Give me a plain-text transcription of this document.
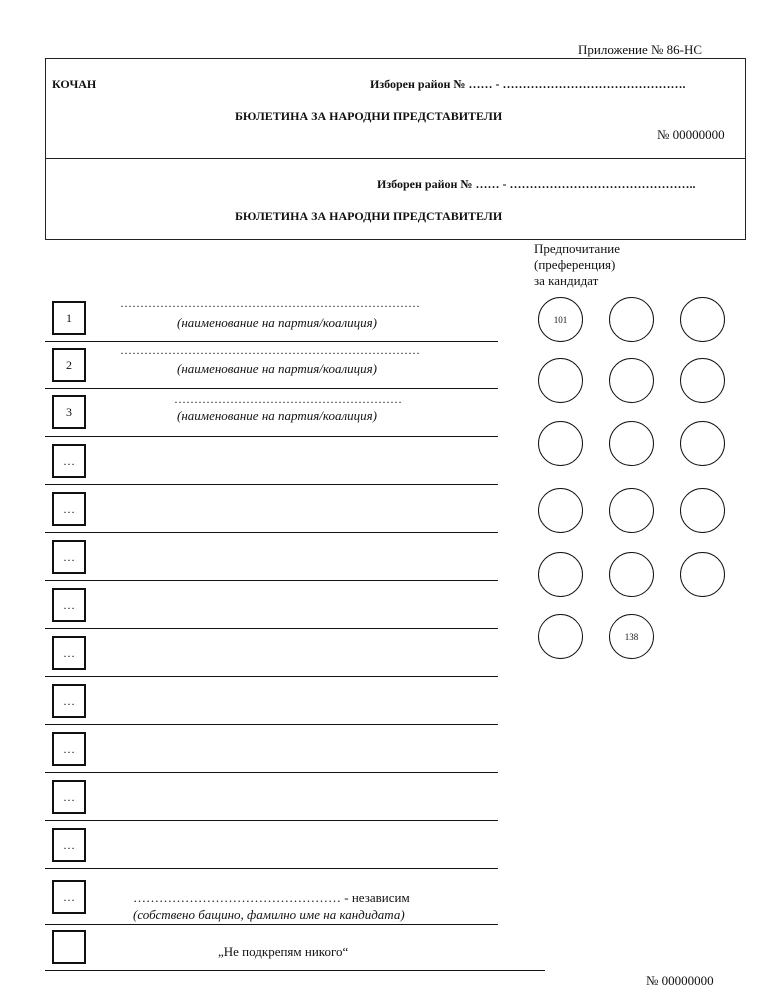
Приложение № 86-НС
КОЧАН	Изборен район № …… - ……………………………………….
БЮЛЕТИНА ЗА НАРОДНИ ПРЕДСТАВИТЕЛИ
№ 00000000
Изборен район № …… - ………………………………………..
БЮЛЕТИНА ЗА НАРОДНИ ПРЕДСТАВИТЕЛИ
Предпочитание
(преференция)
за кандидат
1
…………………………………………………………………
(наименование на партия/коалиция)
2
…………………………………………………………………
(наименование на партия/коалиция)
3
…………………………………………………
(наименование на партия/коалиция)
…
…
…
…
…
…
…
…
…
…	………………………………………… - независим
(собствено бащино, фамилно име на кандидата)
„Не подкрепям никого“
101
138
№ 00000000
